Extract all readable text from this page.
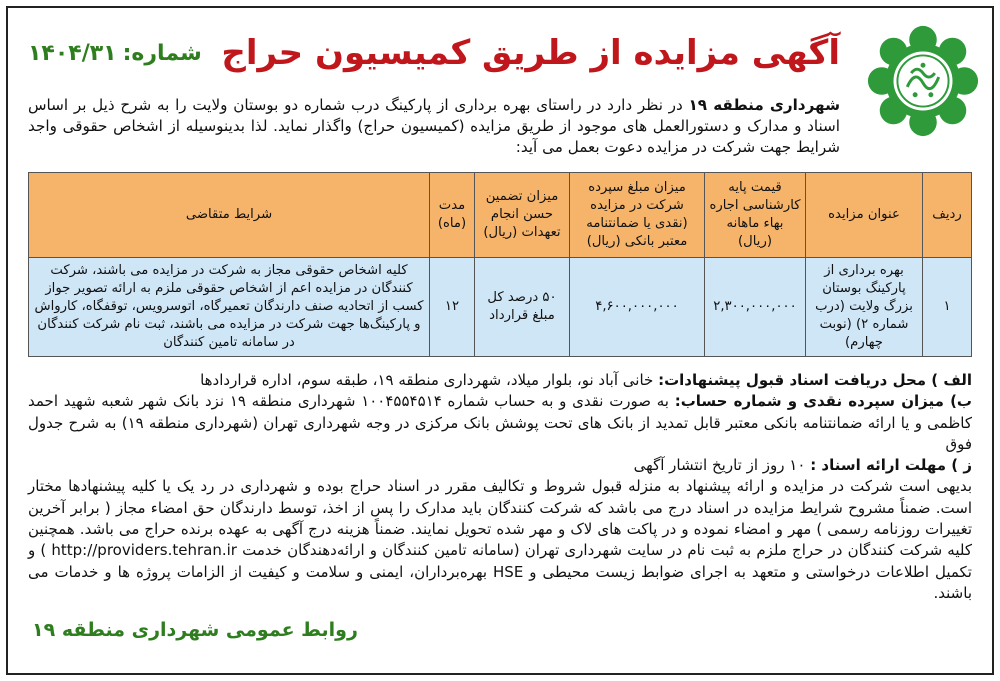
آگهی مزایده از طریق کمیسیون حراج
شماره:
۱۴۰۴/۳۱
شهرداری منطقه ۱۹ در نظر دارد در راستای بهره برداری از پارکینگ درب شماره دو بوستان ولایت را به شرح ذیل بر اساس اسناد و مدارک و دستورالعمل های موجود از طریق مزایده (کمیسیون حراج) واگذار نماید. لذا بدینوسیله از اشخاص حقوقی واجد شرایط جهت شرکت در مزایده دعوت بعمل می آید:
ردیف	عنوان مزایده	قیمت پایه کارشناسی اجاره بهاء ماهانه (ریال)	میزان مبلغ سپرده شرکت در مزایده (نقدی یا ضمانتنامه معتبر بانکی (ریال)	میزان تضمین حسن انجام تعهدات (ریال)	مدت (ماه)	شرایط متقاضی
۱	بهره برداری از پارکینگ بوستان بزرگ ولایت (درب شماره ۲) (نوبت چهارم)	۲,۳۰۰,۰۰۰,۰۰۰	۴,۶۰۰,۰۰۰,۰۰۰	۵۰ درصد کل مبلغ قرارداد	۱۲	کلیه اشخاص حقوقی مجاز به شرکت در مزایده می باشند، شرکت کنندگان در مزایده اعم از اشخاص حقوقی ملزم به ارائه تصویر جواز کسب از اتحادیه صنف دارندگان تعمیرگاه، اتوسرویس، توقفگاه، کارواش و پارکینگ‌ها جهت شرکت در مزایده می باشند، ثبت نام شرکت کنندگان در سامانه تامین کنندگان

الف ) محل دریافت اسناد قبول پیشنهادات: خانی آباد نو، بلوار میلاد، شهرداری منطقه ۱۹، طبقه سوم، اداره قراردادها

ب) میزان سپرده نقدی و شماره حساب: به صورت نقدی و به حساب شماره ۱۰۰۴۵۵۴۵۱۴ شهرداری منطقه ۱۹ نزد بانک شهر شعبه شهید احمد کاظمی و یا ارائه ضمانتنامه بانکی معتبر قابل تمدید از بانک های تحت پوشش بانک مرکزی در وجه شهرداری تهران (شهرداری منطقه ۱۹) به شرح جدول فوق

ز ) مهلت ارائه اسناد : ۱۰ روز از تاریخ انتشار آگهی

بدیهی است شرکت در مزایده و ارائه پیشنهاد به منزله قبول شروط و تکالیف مقرر در اسناد حراج بوده و شهرداری در رد یک یا کلیه پیشنهادها مختار است. ضمناً مشروح شرایط مزایده در اسناد درج می باشد که شرکت کنندگان باید مدارک را پس از اخذ، توسط دارندگان حق امضاء مجاز ( برابر آخرین تغییرات روزنامه رسمی ) مهر و امضاء نموده و در پاکت های لاک و مهر شده تحویل نمایند. ضمناً هزینه درج آگهی به عهده برنده حراج می باشد. همچنین کلیه شرکت کنندگان در حراج ملزم به ثبت نام در سایت شهرداری تهران (سامانه تامین کنندگان و ارائه‌دهندگان خدمت http://providers.tehran.ir ) و تکمیل اطلاعات درخواستی و متعهد به اجرای ضوابط زیست محیطی و HSE بهره‌برداران، ایمنی و سلامت و کیفیت از الزامات پروژه ها و خدمات می باشند.

روابط عمومی شهرداری منطقه ۱۹
